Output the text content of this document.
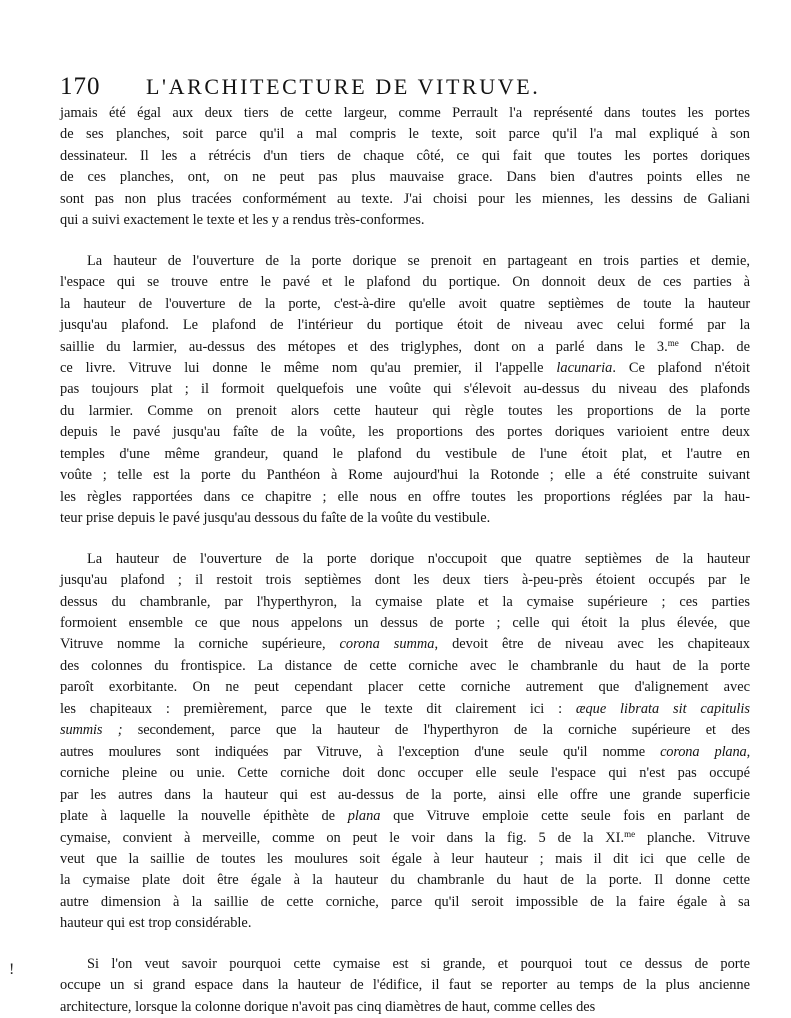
170 L'ARCHITECTURE DE VITRUVE.

jamais été égal aux deux tiers de cette largeur, comme Perrault l'a représenté dans toutes les portes

de ses planches, soit parce qu'il a mal compris le texte, soit parce qu'il l'a mal expliqué à son

dessinateur. Il les a rétrécis d'un tiers de chaque côté, ce qui fait que toutes les portes doriques

de ces planches, ont, on ne peut pas plus mauvaise grace. Dans bien d'autres points elles ne

sont pas non plus tracées conformément au texte. J'ai choisi pour les miennes, les dessins de Galiani

qui a suivi exactement le texte et les y a rendus très-conformes.

La hauteur de l'ouverture de la porte dorique se prenoit en partageant en trois parties et demie,

l'espace qui se trouve entre le pavé et le plafond du portique. On donnoit deux de ces parties à

la hauteur de l'ouverture de la porte, c'est-à-dire qu'elle avoit quatre septièmes de toute la hauteur

jusqu'au plafond. Le plafond de l'intérieur du portique étoit de niveau avec celui formé par la

saillie du larmier, au-dessus des métopes et des triglyphes, dont on a parlé dans le 3.$^{me}$ Chap. de

ce livre. Vitruve lui donne le même nom qu'au premier, il l'appelle lacunaria. Ce plafond n'étoit

pas toujours plat ; il formoit quelquefois une voûte qui s'élevoit au-dessus du niveau des plafonds

du larmier. Comme on prenoit alors cette hauteur qui règle toutes les proportions de la porte

depuis le pavé jusqu'au faîte de la voûte, les proportions des portes doriques varioient entre deux

temples d'une même grandeur, quand le plafond du vestibule de l'une étoit plat, et l'autre en

voûte ; telle est la porte du Panthéon à Rome aujourd'hui la Rotonde ; elle a été construite suivant

les règles rapportées dans ce chapitre ; elle nous en offre toutes les proportions réglées par la hau-

teur prise depuis le pavé jusqu'au dessous du faîte de la voûte du vestibule.

La hauteur de l'ouverture de la porte dorique n'occupoit que quatre septièmes de la hauteur

jusqu'au plafond ; il restoit trois septièmes dont les deux tiers à-peu-près étoient occupés par le

dessus du chambranle, par l'hyperthyron, la cymaise plate et la cymaise supérieure ; ces parties

formoient ensemble ce que nous appelons un dessus de porte ; celle qui étoit la plus élevée, que

Vitruve nomme la corniche supérieure, corona summa, devoit être de niveau avec les chapiteaux

des colonnes du frontispice. La distance de cette corniche avec le chambranle du haut de la porte

paroît exorbitante. On ne peut cependant placer cette corniche autrement que d'alignement avec

les chapiteaux : premièrement, parce que le texte dit clairement ici : æque librata sit capitulis

summis ; secondement, parce que la hauteur de l'hyperthyron de la corniche supérieure et des

autres moulures sont indiquées par Vitruve, à l'exception d'une seule qu'il nomme corona plana,

corniche pleine ou unie. Cette corniche doit donc occuper elle seule l'espace qui n'est pas occupé

par les autres dans la hauteur qui est au-dessus de la porte, ainsi elle offre une grande superficie

plate à laquelle la nouvelle épithète de plana que Vitruve emploie cette seule fois en parlant de

cymaise, convient à merveille, comme on peut le voir dans la fig. 5 de la XI.$^{me}$ planche. Vitruve

veut que la saillie de toutes les moulures soit égale à leur hauteur ; mais il dit ici que celle de

la cymaise plate doit être égale à la hauteur du chambranle du haut de la porte. Il donne cette

autre dimension à la saillie de cette corniche, parce qu'il seroit impossible de la faire égale à sa

hauteur qui est trop considérable.

Si l'on veut savoir pourquoi cette cymaise est si grande, et pourquoi tout ce dessus de porte

occupe un si grand espace dans la hauteur de l'édifice, il faut se reporter au temps de la plus ancienne

architecture, lorsque la colonne dorique n'avoit pas cinq diamètres de haut, comme celles des

!
